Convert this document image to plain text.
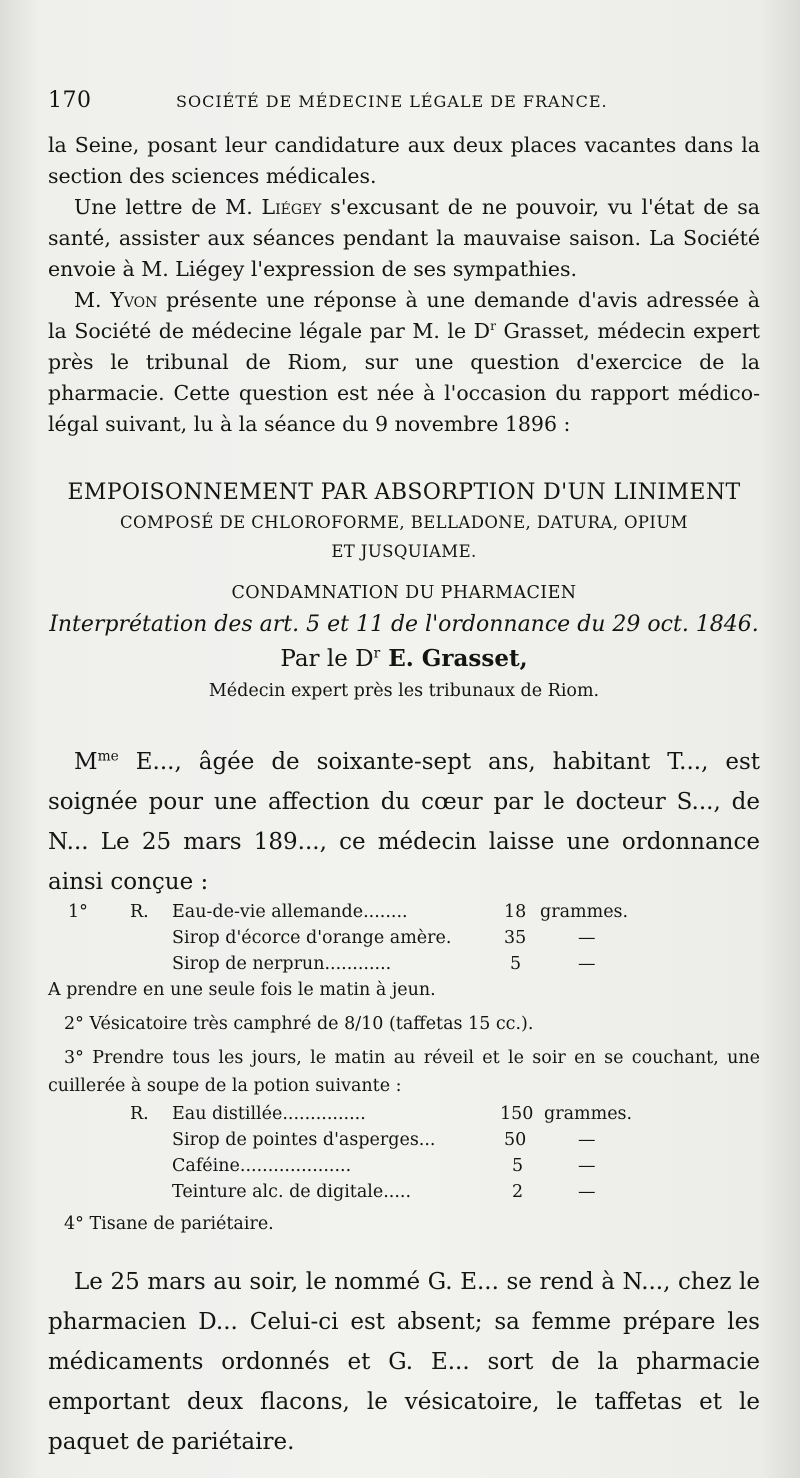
170	SOCIÉTÉ DE MÉDECINE LÉGALE DE FRANCE.

la Seine, posant leur candidature aux deux places vacantes dans la section des sciences médicales.

Une lettre de M. Liégey s'excusant de ne pouvoir, vu l'état de sa santé, assister aux séances pendant la mauvaise saison. La Société envoie à M. Liégey l'expression de ses sympathies.

M. Yvon présente une réponse à une demande d'avis adressée à la Société de médecine légale par M. le $D^r$ Grasset, médecin expert près le tribunal de Riom, sur une question d'exercice de la pharmacie. Cette question est née à l'occasion du rapport médico-légal suivant, lu à la séance du 9 novembre 1896 :

EMPOISONNEMENT PAR ABSORPTION D'UN LINIMENT

COMPOSÉ DE CHLOROFORME, BELLADONE, DATURA, OPIUM

ET JUSQUIAME.

CONDAMNATION DU PHARMACIEN

Interprétation des art. 5 et 11 de l'ordonnance du 29 oct. 1846.

Par le $D^r$ E. Grasset,

Médecin expert près les tribunaux de Riom.

$M^{me}$ E..., âgée de soixante-sept ans, habitant T..., est soignée pour une affection du cœur par le docteur S..., de N... Le 25 mars 189..., ce médecin laisse une ordonnance ainsi conçue :

1° R. Eau-de-vie allemande........	18 grammes.
Sirop d'écorce d'orange amère.	35	—
Sirop de nerprun............	5	—

A prendre en une seule fois le matin à jeun.

2° Vésicatoire très camphré de 8/10 (taffetas 15 cc.).

3° Prendre tous les jours, le matin au réveil et le soir en se couchant, une cuillerée à soupe de la potion suivante :

R. Eau distillée...............	150 grammes.
Sirop de pointes d'asperges...	50	—
Caféine....................	5	—
Teinture alc. de digitale.....	2	—

4° Tisane de pariétaire.

Le 25 mars au soir, le nommé G. E... se rend à N..., chez le pharmacien D... Celui-ci est absent; sa femme prépare les médicaments ordonnés et G. E... sort de la pharmacie emportant deux flacons, le vésicatoire, le taffetas et le paquet de pariétaire.
